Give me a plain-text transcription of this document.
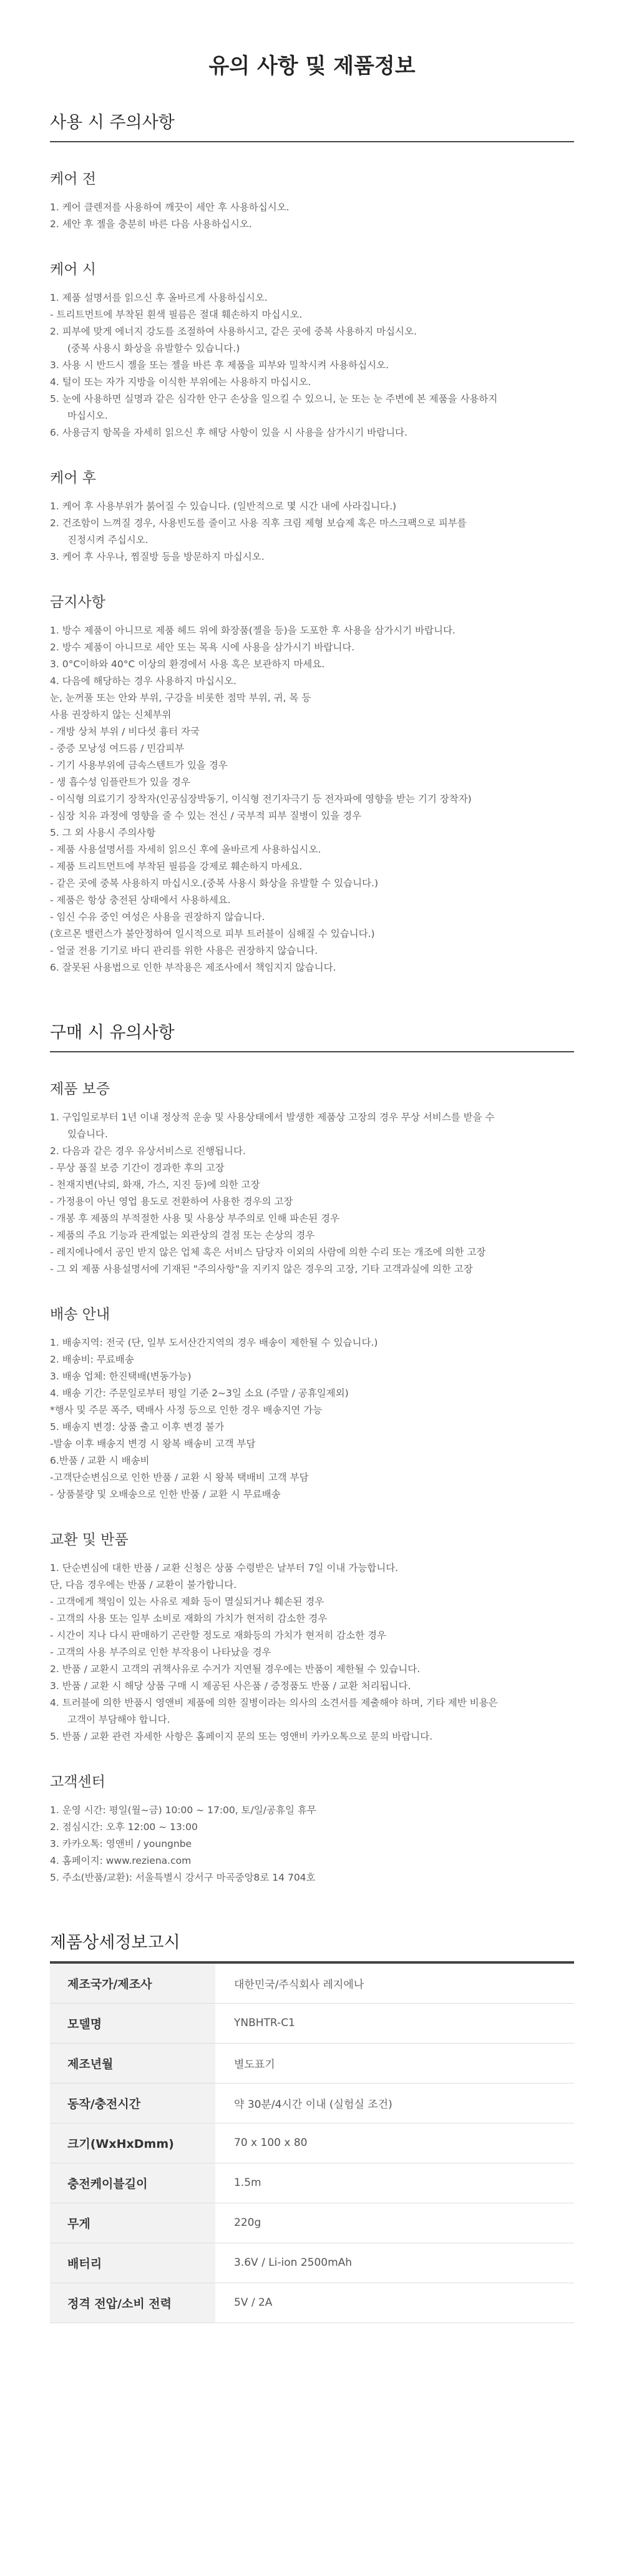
유의 사항 및 제품정보
사용 시 주의사항
케어 전
1. 케어 클렌저를 사용하여 깨끗이 세안 후 사용하십시오.
2. 세안 후 젤을 충분히 바른 다음 사용하십시오.
케어 시
1. 제품 설명서를 읽으신 후 올바르게 사용하십시오.
- 트리트먼트에 부착된 흰색 필름은 절대 훼손하지 마십시오.
2. 피부에 맞게 에너지 강도를 조절하여 사용하시고, 같은 곳에 중복 사용하지 마십시오.
(중복 사용시 화상을 유발할수 있습니다.)
3. 사용 시 반드시 젤을 또는 젤을 바른 후 제품을 피부와 밀착시켜 사용하십시오.
4. 털이 또는 자가 지방을 이식한 부위에는 사용하지 마십시오.
5. 눈에 사용하면 실명과 같은 심각한 안구 손상을 일으킬 수 있으니, 눈 또는 눈 주변에 본 제품을 사용하지
마십시오.
6. 사용금지 항목을 자세히 읽으신 후 해당 사항이 있을 시 사용을 삼가시기 바랍니다.
케어 후
1. 케어 후 사용부위가 붉어질 수 있습니다. (일반적으로 몇 시간 내에 사라집니다.)
2. 건조함이 느껴질 경우, 사용빈도를 줄이고 사용 직후 크림 제형 보습제 혹은 마스크팩으로 피부를
진정시켜 주십시오.
3. 케어 후 사우나, 찜질방 등을 방문하지 마십시오.
금지사항
1. 방수 제품이 아니므로 제품 헤드 위에 화장품(젤을 등)을 도포한 후 사용을 삼가시기 바랍니다.
2. 방수 제품이 아니므로 세안 또는 목욕 시에 사용을 삼가시기 바랍니다.
3. 0°C이하와 40°C 이상의 환경에서 사용 혹은 보관하지 마세요.
4. 다음에 해당하는 경우 사용하지 마십시오.
눈, 눈꺼풀 또는 안와 부위, 구강을 비롯한 점막 부위, 귀, 목 등
사용 권장하지 않는 신체부위
- 개방 상처 부위 / 비다섯 흉터 자국
- 중증 모낭성 여드름 / 민감피부
- 기기 사용부위에 금속스텐트가 있을 경우
- 생 흡수성 임플란트가 있을 경우
- 이식형 의료기기 장착자(인공심장박동기, 이식형 전기자극기 등 전자파에 영향을 받는 기기 장착자)
- 심장 치유 과정에 영향을 줄 수 있는 전신 / 국부적 피부 질병이 있을 경우
5. 그 외 사용시 주의사항
- 제품 사용설명서를 자세히 읽으신 후에 올바르게 사용하십시오.
- 제품 트리트먼트에 부착된 필름을 강제로 훼손하지 마세요.
- 같은 곳에 중복 사용하지 마십시오.(중복 사용시 화상을 유발할 수 있습니다.)
- 제품은 항상 충전된 상태에서 사용하세요.
- 임신 수유 중인 여성은 사용을 권장하지 않습니다.
(호르몬 밸런스가 불안정하여 일시적으로 피부 트러블이 심해질 수 있습니다.)
- 얼굴 전용 기기로 바디 관리를 위한 사용은 권장하지 않습니다.
6. 잘못된 사용법으로 인한 부작용은 제조사에서 책임지지 않습니다.
구매 시 유의사항
제품 보증
1. 구입일로부터 1년 이내 정상적 운송 및 사용상태에서 발생한 제품상 고장의 경우 무상 서비스를 받을 수
있습니다.
2. 다음과 같은 경우 유상서비스로 진행됩니다.
- 무상 품질 보증 기간이 경과한 후의 고장
- 천재지변(낙뢰, 화재, 가스, 지진 등)에 의한 고장
- 가정용이 아닌 영업 용도로 전환하여 사용한 경우의 고장
- 개봉 후 제품의 부적절한 사용 및 사용상 부주의로 인해 파손된 경우
- 제품의 주요 기능과 관계없는 외관상의 결점 또는 손상의 경우
- 레지에나에서 공인 받지 않은 업체 혹은 서비스 담당자 이외의 사람에 의한 수리 또는 개조에 의한 고장
- 그 외 제품 사용설명서에 기재된 "주의사항"을 지키지 않은 경우의 고장, 기타 고객과실에 의한 고장
배송 안내
1. 배송지역: 전국 (단, 일부 도서산간지역의 경우 배송이 제한될 수 있습니다.)
2. 배송비: 무료배송
3. 배송 업체: 한진택배(변동가능)
4. 배송 기간: 주문일로부터 평일 기준 2~3일 소요 (주말 / 공휴일제외)
*행사 및 주문 폭주, 택배사 사정 등으로 인한 경우 배송지연 가능
5. 배송지 변경: 상품 출고 이후 변경 불가
-발송 이후 배송지 변경 시 왕복 배송비 고객 부담
6.반품 / 교환 시 배송비
-고객단순변심으로 인한 반품 / 교환 시 왕복 택배비 고객 부담
- 상품불량 및 오배송으로 인한 반품 / 교환 시 무료배송
교환 및 반품
1. 단순변심에 대한 반품 / 교환 신청은 상품 수령받은 날부터 7일 이내 가능합니다.
단, 다음 경우에는 반품 / 교환이 불가합니다.
- 고객에게 책임이 있는 사유로 제화 등이 멸실되거나 훼손된 경우
- 고객의 사용 또는 일부 소비로 재화의 가치가 현저히 감소한 경우
- 시간이 지나 다시 판매하기 곤란할 정도로 재화등의 가치가 현저히 감소한 경우
- 고객의 사용 부주의로 인한 부작용이 나타났을 경우
2. 반품 / 교환시 고객의 귀책사유로 수거가 지연될 경우에는 반품이 제한될 수 있습니다.
3. 반품 / 교환 시 해당 상품 구매 시 제공된 사은품 / 증정품도 반품 / 교환 처리됩니다.
4. 트러블에 의한 반품시 영앤비 제품에 의한 질병이라는 의사의 소견서를 제출해야 하며, 기타 제반 비용은
고객이 부담해야 합니다.
5. 반품 / 교환 관련 자세한 사항은 홈페이지 문의 또는 영앤비 카카오톡으로 문의 바랍니다.
고객센터
1. 운영 시간: 평일(월~금) 10:00 ~ 17:00, 토/일/공휴일 휴무
2. 점심시간: 오후 12:00 ~ 13:00
3. 카카오톡: 영앤비 / youngnbe
4. 홈페이지: www.reziena.com
5. 주소(반품/교환): 서울특별시 강서구 마곡중앙8로 14 704호
제품상세정보고시
제조국가/제조사	대한민국/주식회사 레지에나
모델명	YNBHTR-C1
제조년월	별도표기
동작/충전시간	약 30분/4시간 이내 (실험실 조건)
크기(WxHxDmm)	70 x 100 x 80
충전케이블길이	1.5m
무게	220g
배터리	3.6V / Li-ion 2500mAh
정격 전압/소비 전력	5V / 2A
